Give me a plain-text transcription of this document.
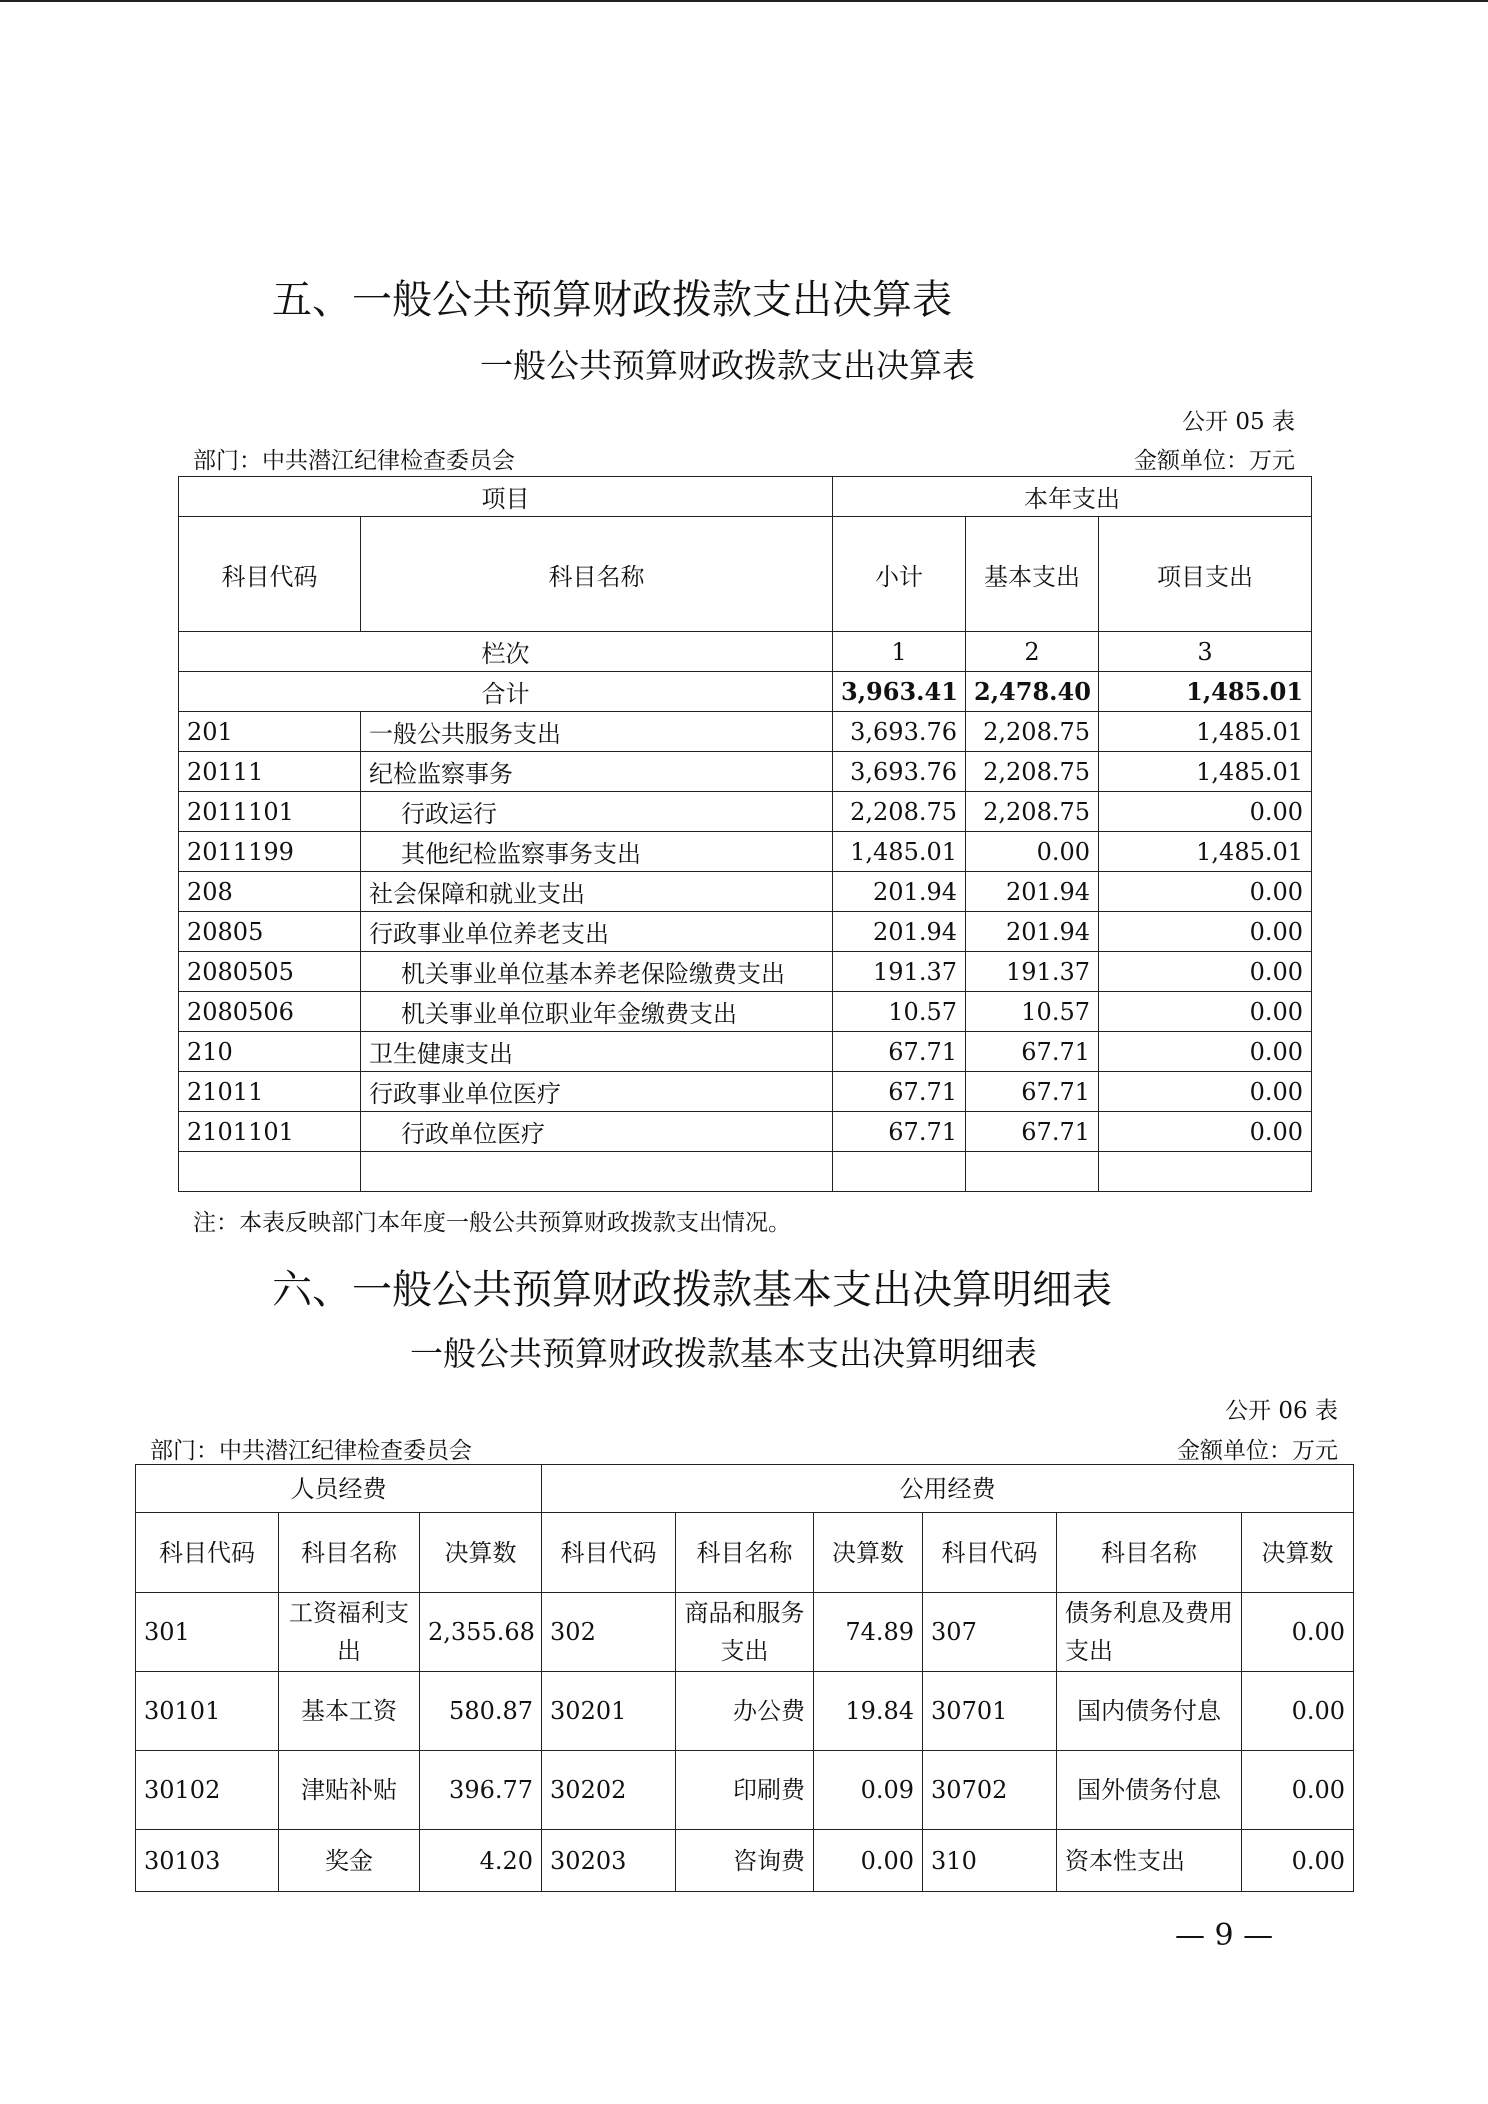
五、一般公共预算财政拨款支出决算表
一般公共预算财政拨款支出决算表
公开 05 表
部门：中共潜江纪律检查委员会	金额单位：万元
项目		本年支出		
科目代码	科目名称	小计	基本支出	项目支出
栏次		1	2	3
合计		3,963.41	2,478.40	1,485.01
201	一般公共服务支出	3,693.76	2,208.75	1,485.01
20111	纪检监察事务	3,693.76	2,208.75	1,485.01
2011101	行政运行	2,208.75	2,208.75	0.00
2011199	其他纪检监察事务支出	1,485.01	0.00	1,485.01
208	社会保障和就业支出	201.94	201.94	0.00
20805	行政事业单位养老支出	201.94	201.94	0.00
2080505	机关事业单位基本养老保险缴费支出	191.37	191.37	0.00
2080506	机关事业单位职业年金缴费支出	10.57	10.57	0.00
210	卫生健康支出	67.71	67.71	0.00
21011	行政事业单位医疗	67.71	67.71	0.00
2101101	行政单位医疗	67.71	67.71	0.00

注：本表反映部门本年度一般公共预算财政拨款支出情况。
六、一般公共预算财政拨款基本支出决算明细表
一般公共预算财政拨款基本支出决算明细表
公开 06 表
部门：中共潜江纪律检查委员会	金额单位：万元
人员经费			公用经费					
科目代码	科目名称	决算数	科目代码	科目名称	决算数	科目代码	科目名称	决算数
301	工资福利支出	2,355.68	302	商品和服务支出	74.89	307	债务利息及费用支出	0.00
30101	基本工资	580.87	30201	办公费	19.84	30701	国内债务付息	0.00
30102	津贴补贴	396.77	30202	印刷费	0.09	30702	国外债务付息	0.00
30103	奖金	4.20	30203	咨询费	0.00	310	资本性支出	0.00
— 9 —
